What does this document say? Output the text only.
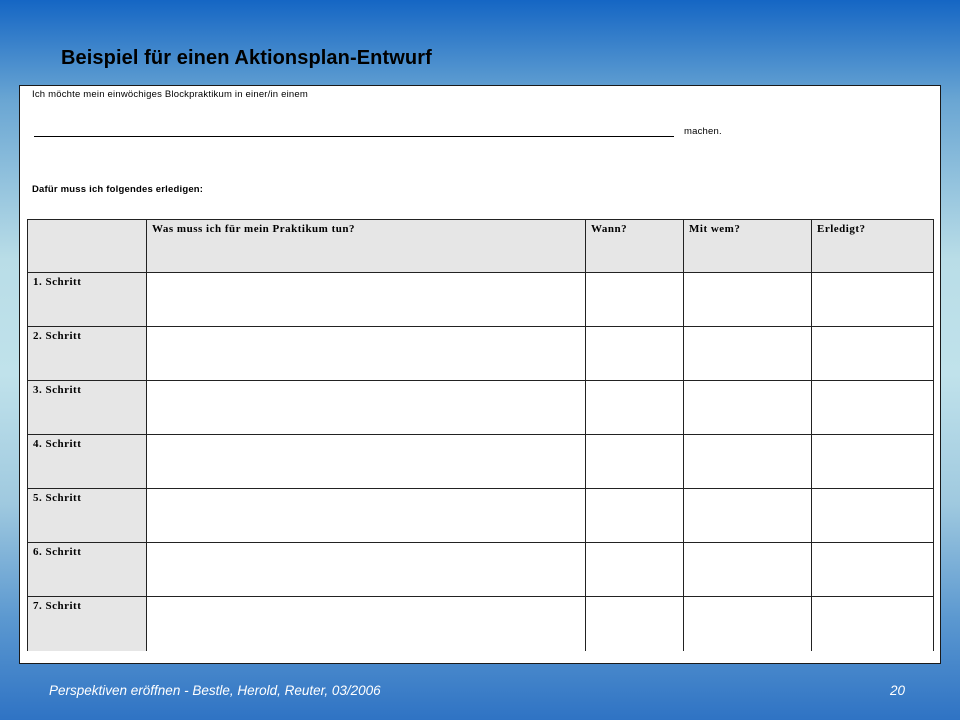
Beispiel für einen Aktionsplan-Entwurf
Ich möchte mein einwöchiges Blockpraktikum in einer/in einem
machen.
Dafür muss ich folgendes erledigen:
	Was muss ich für mein Praktikum tun?	Wann?	Mit wem?	Erledigt?
1. Schritt				
2. Schritt				
3. Schritt				
4. Schritt				
5. Schritt				
6. Schritt				
7. Schritt				
Perspektiven eröffnen - Bestle, Herold, Reuter, 03/2006	20
